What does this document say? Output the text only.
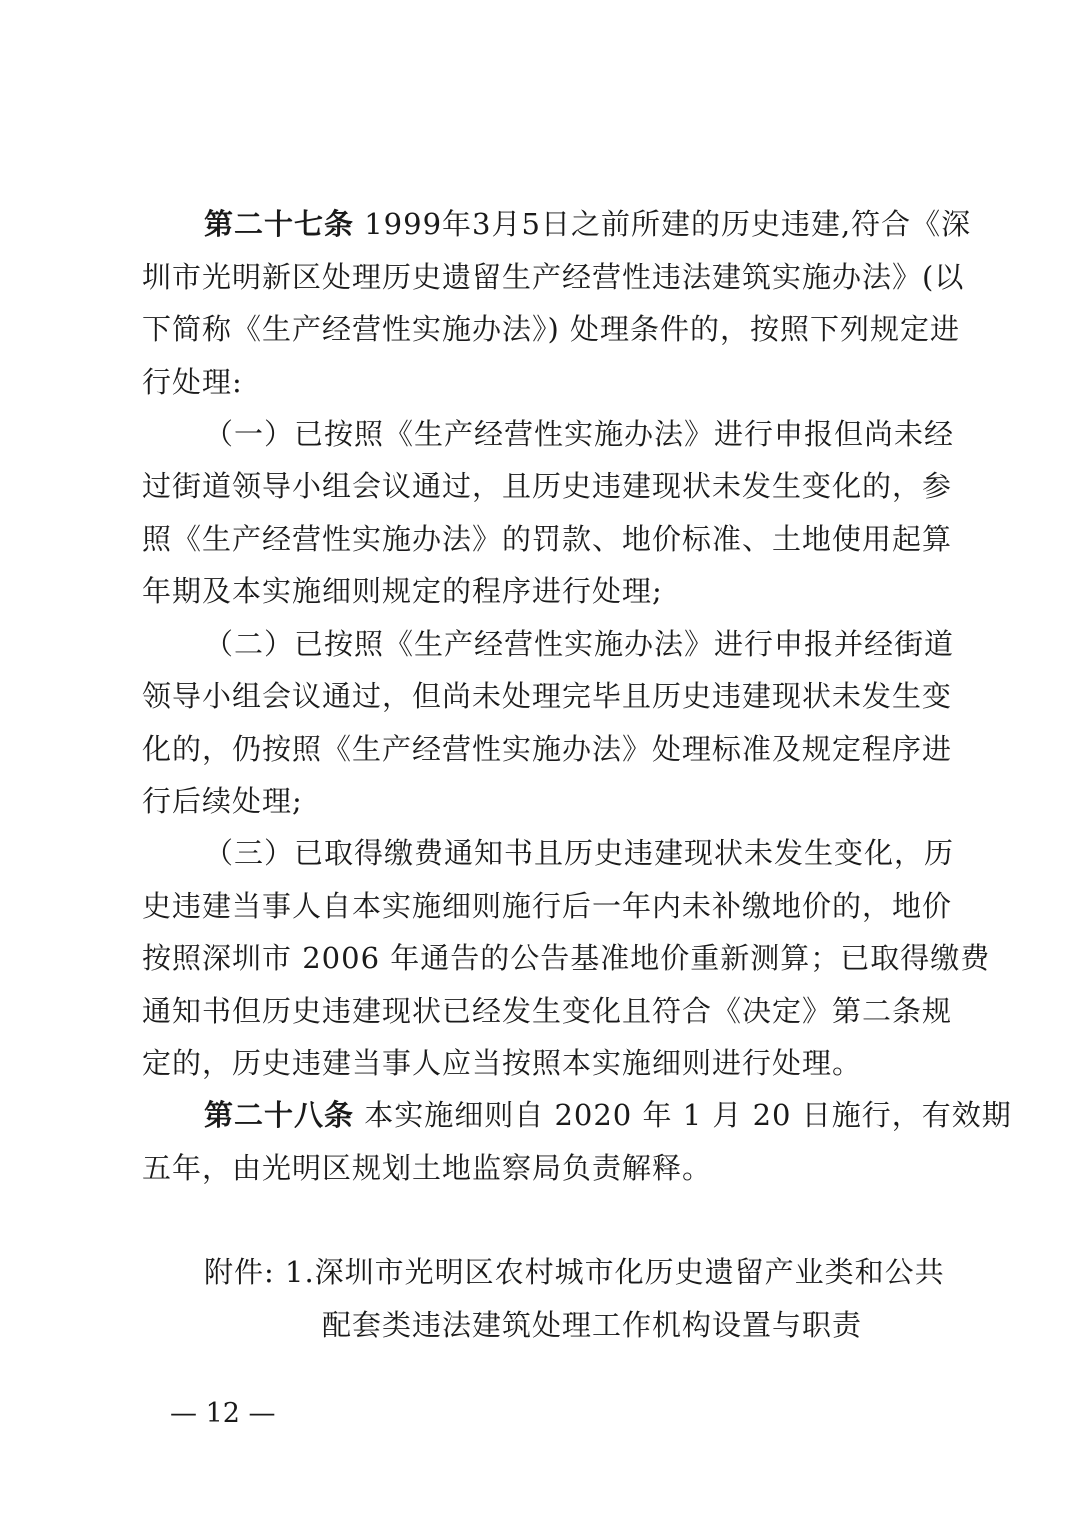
第二十七条 1999年3月5日之前所建的历史违建,符合《深
圳市光明新区处理历史遗留生产经营性违法建筑实施办法》(以
下简称《生产经营性实施办法》) 处理条件的，按照下列规定进
行处理:
（一）已按照《生产经营性实施办法》进行申报但尚未经
过街道领导小组会议通过，且历史违建现状未发生变化的，参
照《生产经营性实施办法》的罚款、地价标准、土地使用起算
年期及本实施细则规定的程序进行处理;
（二）已按照《生产经营性实施办法》进行申报并经街道
领导小组会议通过，但尚未处理完毕且历史违建现状未发生变
化的，仍按照《生产经营性实施办法》处理标准及规定程序进
行后续处理;
（三）已取得缴费通知书且历史违建现状未发生变化，历
史违建当事人自本实施细则施行后一年内未补缴地价的，地价
按照深圳市 2006 年通告的公告基准地价重新测算；已取得缴费
通知书但历史违建现状已经发生变化且符合《决定》第二条规
定的，历史违建当事人应当按照本实施细则进行处理。
第二十八条 本实施细则自 2020 年 1 月 20 日施行，有效期
五年，由光明区规划土地监察局负责解释。
附件: 1.深圳市光明区农村城市化历史遗留产业类和公共
配套类违法建筑处理工作机构设置与职责
— 12 —
